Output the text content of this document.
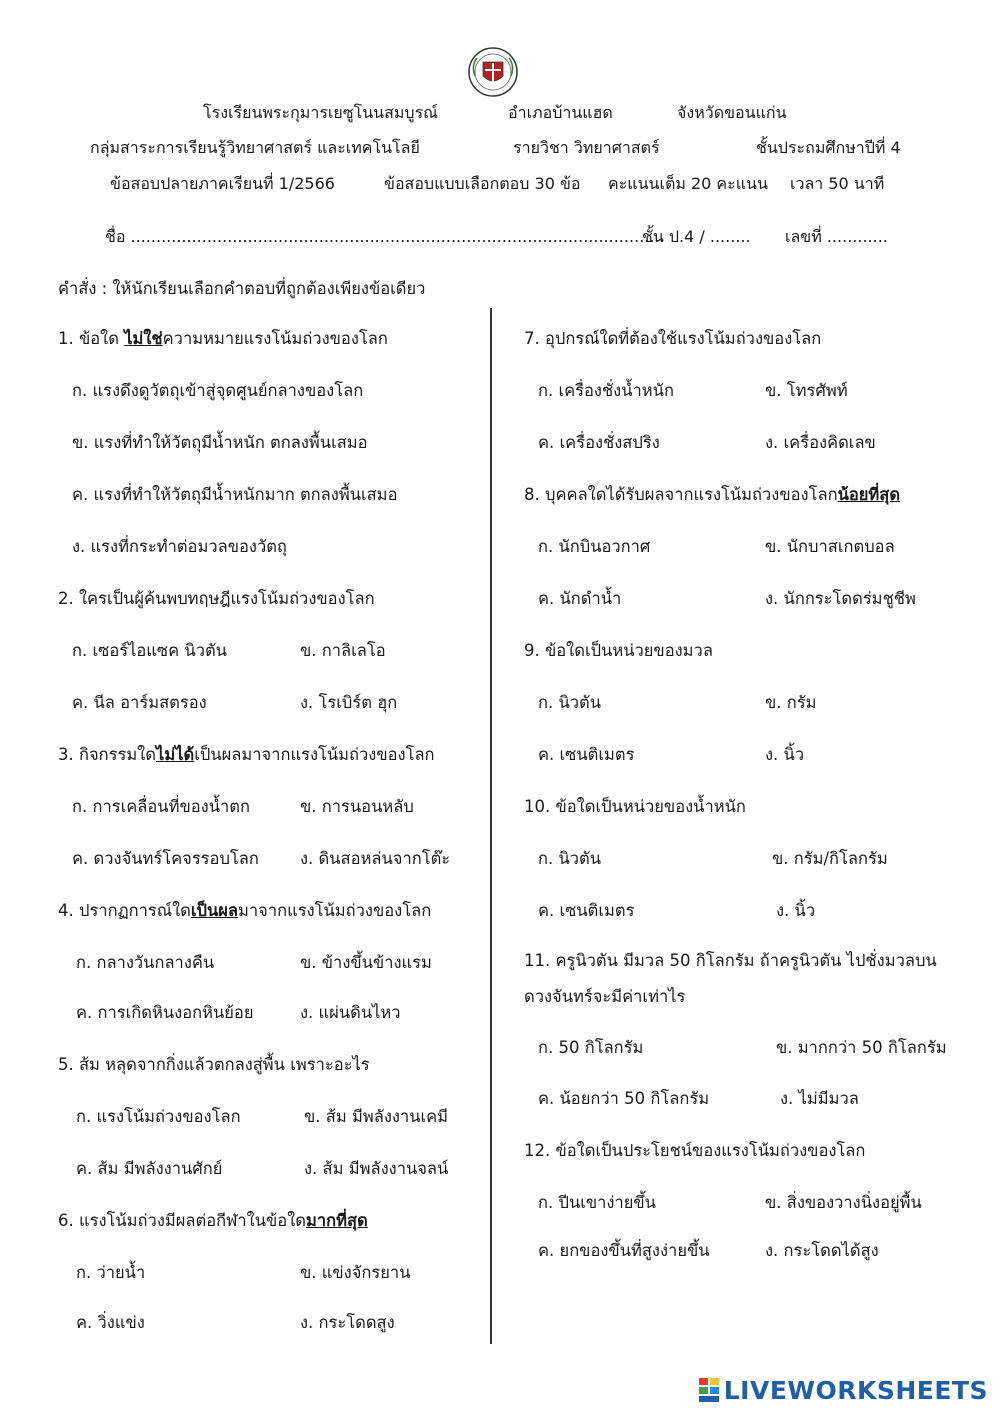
โรงเรียนพระกุมารเยซูโนนสมบูรณ์	อำเภอบ้านแฮด	จังหวัดขอนแก่น
กลุ่มสาระการเรียนรู้วิทยาศาสตร์ และเทคโนโลยี	รายวิชา วิทยาศาสตร์	ชั้นประถมศึกษาปีที่ 4
ข้อสอบปลายภาคเรียนที่ 1/2566	ข้อสอบแบบเลือกตอบ 30 ข้อ คะแนนเต็ม 20 คะแนน เวลา 50 นาที
ชื่อ .........................................................................................................
ชั้น ป.4 / ........ เลขที่ ............
คำสั่ง : ให้นักเรียนเลือกคำตอบที่ถูกต้องเพียงข้อเดียว
1. ข้อใด ไม่ใช่ความหมายแรงโน้มถ่วงของโลก
ก. แรงดึงดูวัตถุเข้าสู่จุดศูนย์กลางของโลก
ข. แรงที่ทำให้วัตถุมีน้ำหนัก ตกลงพื้นเสมอ
ค. แรงที่ทำให้วัตถุมีน้ำหนักมาก ตกลงพื้นเสมอ
ง. แรงที่กระทำต่อมวลของวัตถุ
2. ใครเป็นผู้ค้นพบทฤษฎีแรงโน้มถ่วงของโลก
ก. เซอร์ไอแซค นิวตัน	ข. กาลิเลโอ
ค. นีล อาร์มสตรอง	ง. โรเบิร์ต ฮุก
3. กิจกรรมใดไม่ได้เป็นผลมาจากแรงโน้มถ่วงของโลก
ก. การเคลื่อนที่ของน้ำตก	ข. การนอนหลับ
ค. ดวงจันทร์โคจรรอบโลก ง. ดินสอหล่นจากโต๊ะ
4. ปรากฏการณ์ใดเป็นผลมาจากแรงโน้มถ่วงของโลก
ก. กลางวันกลางคืน	ข. ข้างขึ้นข้างแรม
ค. การเกิดหินงอกหินย้อย	ง. แผ่นดินไหว
5. ส้ม หลุดจากกิ่งแล้วตกลงสู่พื้น เพราะอะไร
ก. แรงโน้มถ่วงของโลก	ข. ส้ม มีพลังงานเคมี
ค. ส้ม มีพลังงานศักย์	ง. ส้ม มีพลังงานจลน์
6. แรงโน้มถ่วงมีผลต่อกีฬาในข้อใดมากที่สุด
ก. ว่ายน้ำ	ข. แข่งจักรยาน
ค. วิ่งแข่ง	ง. กระโดดสูง
7. อุปกรณ์ใดที่ต้องใช้แรงโน้มถ่วงของโลก
ก. เครื่องชั่งน้ำหนัก	ข. โทรศัพท์
ค. เครื่องชั่งสปริง	ง. เครื่องคิดเลข
8. บุคคลใดได้รับผลจากแรงโน้มถ่วงของโลกน้อยที่สุด
ก. นักบินอวกาศ	ข. นักบาสเกตบอล
ค. นักดำน้ำ	ง. นักกระโดดร่มชูชีพ
9. ข้อใดเป็นหน่วยของมวล
ก. นิวตัน	ข. กรัม
ค. เซนติเมตร	ง. นิ้ว
10. ข้อใดเป็นหน่วยของน้ำหนัก
ก. นิวตัน	ข. กรัม/กิโลกรัม
ค. เซนติเมตร	ง. นิ้ว
11. ครูนิวตัน มีมวล 50 กิโลกรัม ถ้าครูนิวตัน ไปชั่งมวลบน
ดวงจันทร์จะมีค่าเท่าไร
ก. 50 กิโลกรัม	ข. มากกว่า 50 กิโลกรัม
ค. น้อยกว่า 50 กิโลกรัม	ง. ไม่มีมวล
12. ข้อใดเป็นประโยชน์ของแรงโน้มถ่วงของโลก
ก. ปีนเขาง่ายขึ้น	ข. สิ่งของวางนิ่งอยู่พื้น
ค. ยกของขึ้นที่สูงง่ายขึ้น	ง. กระโดดได้สูง
LIVEWORKSHEETS
